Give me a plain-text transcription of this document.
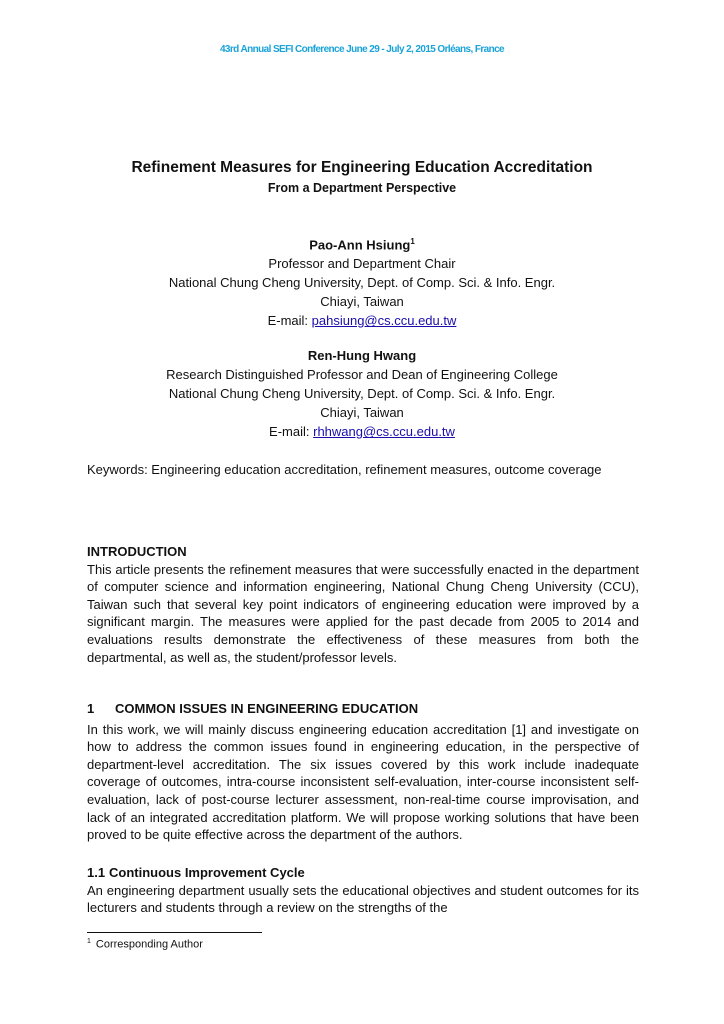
43rd Annual SEFI Conference June 29 - July 2, 2015 Orléans, France

Refinement Measures for Engineering Education Accreditation

From a Department Perspective

Pao-Ann Hsiung$^1$
Professor and Department Chair
National Chung Cheng University, Dept. of Comp. Sci. & Info. Engr.
Chiayi, Taiwan
E-mail: pahsiung@cs.ccu.edu.tw
Ren-Hung Hwang
Research Distinguished Professor and Dean of Engineering College
National Chung Cheng University, Dept. of Comp. Sci. & Info. Engr.
Chiayi, Taiwan
E-mail: rhhwang@cs.ccu.edu.tw

Keywords: Engineering education accreditation, refinement measures, outcome coverage

INTRODUCTION

This article presents the refinement measures that were successfully enacted in the department of computer science and information engineering, National Chung Cheng University (CCU), Taiwan such that several key point indicators of engineering education were improved by a significant margin. The measures were applied for the past decade from 2005 to 2014 and evaluations results demonstrate the effectiveness of these measures from both the departmental, as well as, the student/professor levels.

1 COMMON ISSUES IN ENGINEERING EDUCATION

In this work, we will mainly discuss engineering education accreditation [1] and investigate on how to address the common issues found in engineering education, in the perspective of department-level accreditation. The six issues covered by this work include inadequate coverage of outcomes, intra-course inconsistent self-evaluation, inter-course inconsistent self-evaluation, lack of post-course lecturer assessment, non-real-time course improvisation, and lack of an integrated accreditation platform. We will propose working solutions that have been proved to be quite effective across the department of the authors.

1.1 Continuous Improvement Cycle

An engineering department usually sets the educational objectives and student outcomes for its lecturers and students through a review on the strengths of the

$^1$ Corresponding Author
